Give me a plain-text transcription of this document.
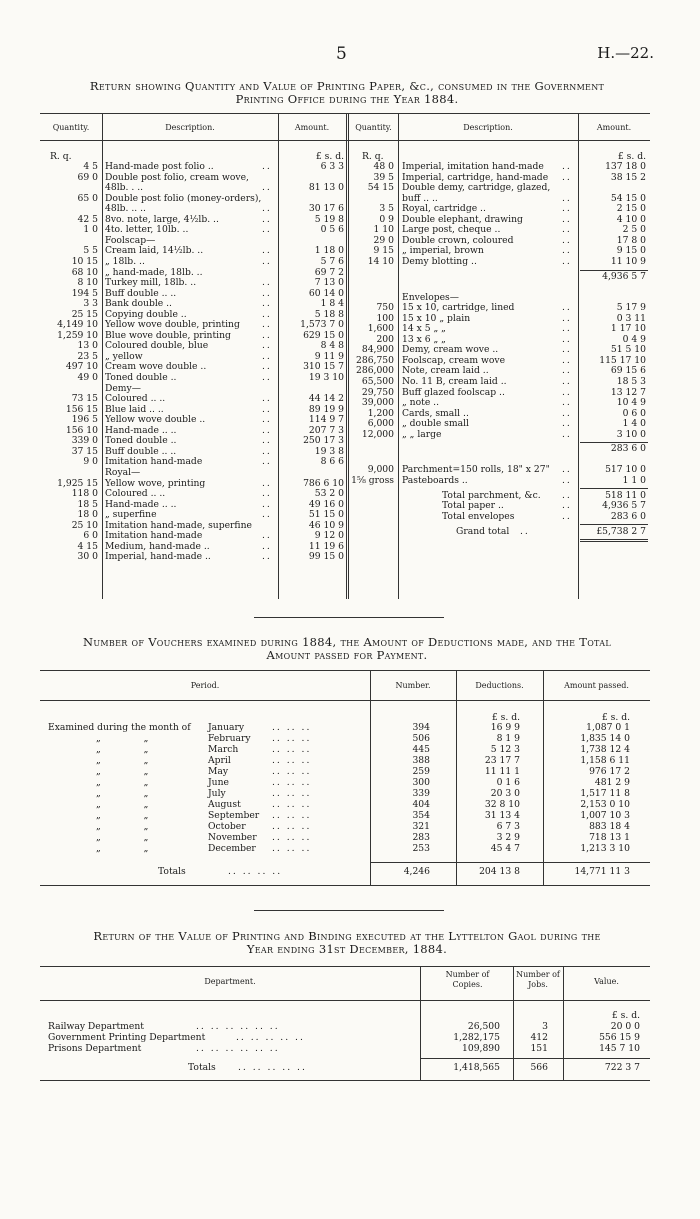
5	H.—22.
Return showing Quantity and Value of Printing Paper, &c., consumed in the Government
Printing Office during the Year 1884.
Quantity.	Description.	Amount.	Quantity.	Description.	Amount.
R. q.	£ s. d. R. q.	£ s. d.
4 5 Hand-made post folio ..	..	6 3 3
69 0 Double post folio, cream wove,
48lb. . ..	..	81 13 0
65 0 Double post folio (money-orders),
48lb. .. ..	..	30 17 6
42 5 8vo. note, large, 4½lb. ..	..	5 19 8
1 0 4to. letter, 10lb. ..	..	0 5 6
Foolscap—
5 5 Cream laid, 14½lb. ..	..	1 18 0
10 15 „ 18lb. ..	..	5 7 6
68 10 „ hand-made, 18lb. ..	69 7 2
8 10 Turkey mill, 18lb. ..	..	7 13 0
194 5 Buff double .. ..	..	60 14 0
3 3 Bank double ..	..	1 8 4
25 15 Copying double ..	..	5 18 8
4,149 10 Yellow wove double, printing ..	1,573 7 0
1,259 10 Blue wove double, printing	..	629 15 0
13 0 Coloured double, blue	..	8 4 8
23 5 „ yellow	..	9 11 9
497 10 Cream wove double ..	..	310 15 7
49 0 Toned double ..	..	19 3 10
Demy—
73 15 Coloured .. ..	..	44 14 2
156 15 Blue laid .. ..	..	89 19 9
196 5 Yellow wove double ..	..	114 9 7
156 10 Hand-made .. ..	..	207 7 3
339 0 Toned double ..	..	250 17 3
37 15 Buff double .. ..	..	19 3 8
9 0 Imitation hand-made	..	8 6 6
Royal—
1,925 15 Yellow wove, printing	..	786 6 10
118 0 Coloured .. ..	..	53 2 0
18 5 Hand-made .. ..	..	49 16 0
18 0 „ superfine	..	51 15 0
25 10 Imitation hand-made, superfine	46 10 9
6 0 Imitation hand-made	..	9 12 0
4 15 Medium, hand-made ..	..	11 19 6
30 0 Imperial, hand-made ..	..	99 15 0
48 0 Imperial, imitation hand-made ..	137 18 0
39 5 Imperial, cartridge, hand-made ..	38 15 2
54 15 Double demy, cartridge, glazed,
buff .. ..	..	54 15 0
3 5 Royal, cartridge ..	..	2 15 0
0 9 Double elephant, drawing	..	4 10 0
1 10 Large post, cheque ..	..	2 5 0
29 0 Double crown, coloured	..	17 8 0
9 15 „ imperial, brown	..	9 15 0
14 10 Demy blotting ..	..	11 10 9
4,936 5 7
Envelopes—
750 15 x 10, cartridge, lined	..	5 17 9
100 15 x 10 „ plain	..	0 3 11
1,600 14 x 5 „ „	..	1 17 10
200 13 x 6 „ „	..	0 4 9
84,900 Demy, cream wove ..	..	51 5 10
286,750 Foolscap, cream wove	..	115 17 10
286,000 Note, cream laid ..	..	69 15 6
65,500 No. 11 B, cream laid ..	..	18 5 3
29,750 Buff glazed foolscap ..	..	13 12 7
39,000 „ note ..	..	10 4 9
1,200 Cards, small ..	..	0 6 0
6,000 „ double small	..	1 4 0
12,000 „ „ large	..	3 10 0
283 6 0
9,000 Parchment=150 rolls, 18" x 27" ..	517 10 0
1⅝ gross Pasteboards ..	..	1 1 0
Total parchment, &c. ..	518 11 0
Total paper ..	..	4,936 5 7
Total envelopes	..	283 6 0
Grand total ..	£5,738 2 7
Number of Vouchers examined during 1884, the Amount of Deductions made, and the Total
Amount passed for Payment.
Period.	Number.	Deductions.	Amount passed.
£ s. d.	£ s. d.
Examined during the month of January	.. .. ..	394	16 9 9	1,087 0 1
„ „	February .. .. ..	506	8 1 9	1,835 14 0
„ „	March	.. .. ..	445	5 12 3	1,738 12 4
„ „	April	.. .. ..	388	23 17 7	1,158 6 11
„ „	May	.. .. ..	259	11 11 1	976 17 2
„ „	June	.. .. ..	300	0 1 6	481 2 9
„ „	July	.. .. ..	339	20 3 0	1,517 11 8
„ „	August	.. .. ..	404	32 8 10	2,153 0 10
„ „	September .. .. ..	354	31 13 4	1,007 10 3
„ „	October	.. .. ..	321	6 7 3	883 18 4
„ „	November .. .. ..	283	3 2 9	718 13 1
„ „	December .. .. ..	253	45 4 7	1,213 3 10
Totals	.. .. .. ..	4,246	204 13 8	14,771 11 3
Return of the Value of Printing and Binding executed at the Lyttelton Gaol during the
Year ending 31st December, 1884.
Department.
Number of Copies.
Number of Jobs.	Value.
£ s. d.
Railway Department	.. .. .. .. .. ..	26,500	3	20 0 0
Government Printing Department	.. .. .. .. ..	1,282,175	412	556 15 9
Prisons Department	.. .. .. .. .. ..	109,890	151	145 7 10
Totals .. .. .. .. ..	1,418,565	566	722 3 7
